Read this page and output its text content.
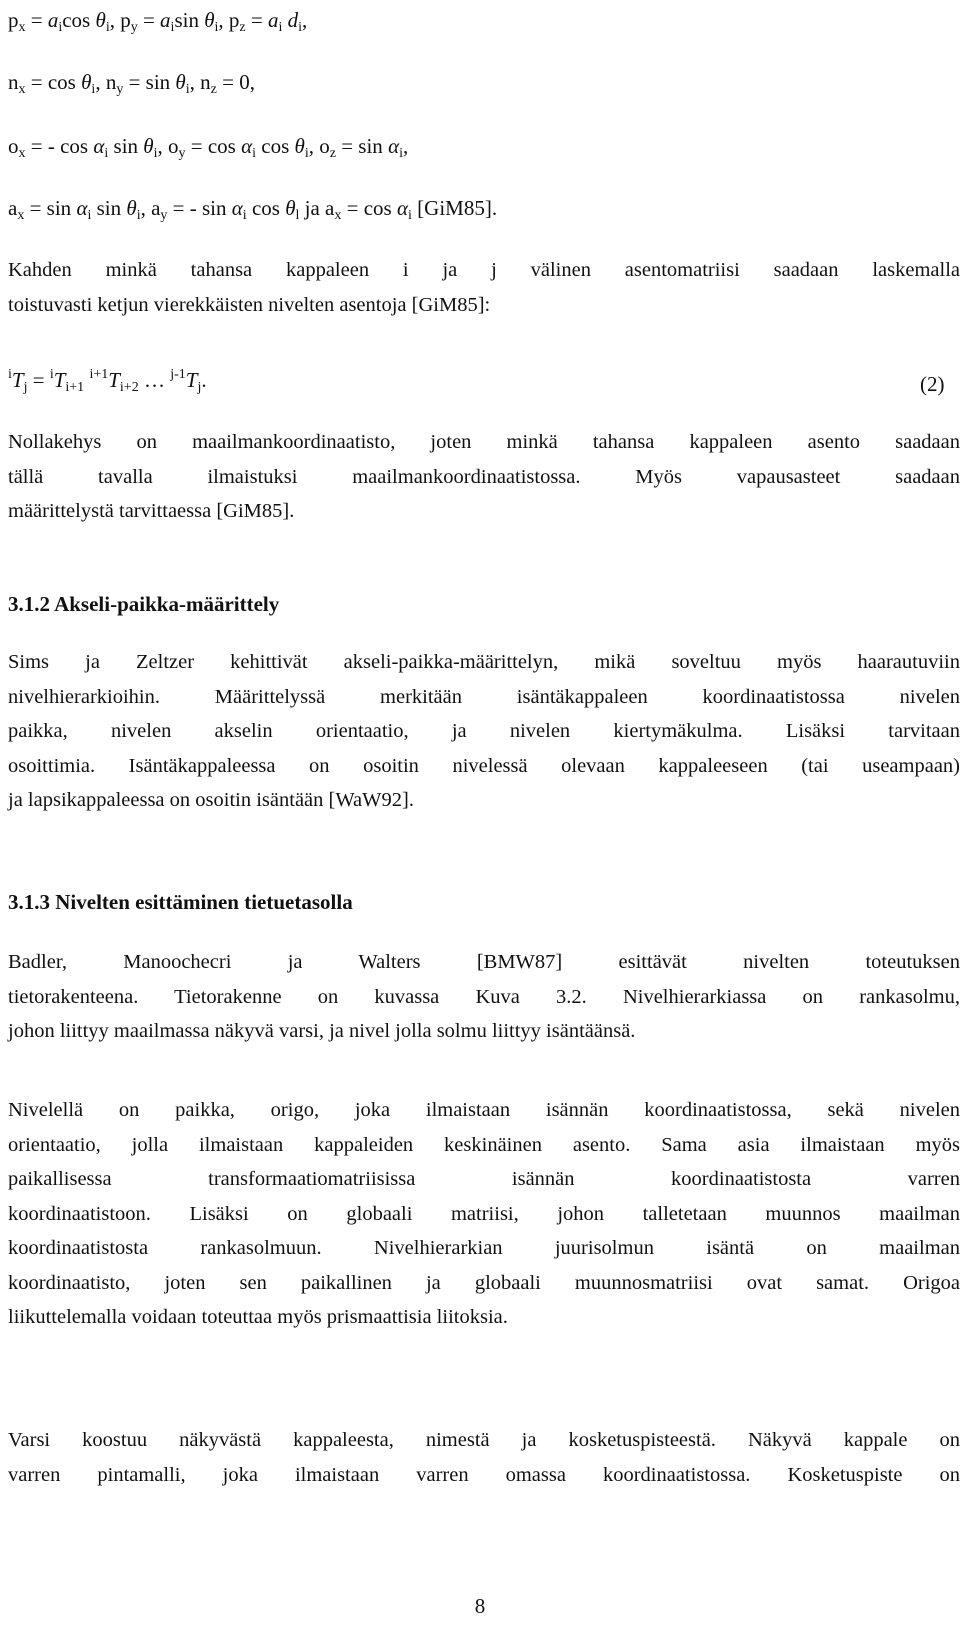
$p_x = a_i\cos$ $\theta_i$, $p_y = a_i\sin$ $\theta_i$, $p_z = a_i$ $d_i$,
$n_x = \cos \theta_i$, $n_y = \sin \theta_i$, $n_z = 0$,
$o_x$ = - $\cos \alpha_i$ $\sin \theta_i$, $o_y = \cos \alpha_i$ $\cos \theta_i$, $o_z = \sin \alpha_i$,
$a_x = \sin \alpha_i$ $\sin \theta_i$, $a_y$ = - $\sin \alpha_i$ $\cos \theta_l$ ja $a_x = \cos \alpha_i$ [GiM85].
Kahden minkä tahansa kappaleen i ja j välinen asentomatriisi saadaan laskemalla
toistuvasti ketjun vierekkäisten nivelten asentoja [GiM85]:
$^iT_j = ^iT_{i+1}$ $^{i+1}T_{i+2}$ … $^{j-1}T_j$.	(2)
Nollakehys on maailmankoordinaatisto, joten minkä tahansa kappaleen asento saadaan
tällä tavalla ilmaistuksi maailmankoordinaatistossa. Myös vapausasteet saadaan
määrittelystä tarvittaessa [GiM85].
3.1.2 Akseli-paikka-määrittely
Sims ja Zeltzer kehittivät akseli-paikka-määrittelyn, mikä soveltuu myös haarautuviin
nivelhierarkioihin. Määrittelyssä merkitään isäntäkappaleen koordinaatistossa nivelen
paikka, nivelen akselin orientaatio, ja nivelen kiertymäkulma. Lisäksi tarvitaan
osoittimia. Isäntäkappaleessa on osoitin nivelessä olevaan kappaleeseen (tai useampaan)
ja lapsikappaleessa on osoitin isäntään [WaW92].
3.1.3 Nivelten esittäminen tietuetasolla
Badler, Manoochecri ja Walters [BMW87] esittävät nivelten toteutuksen
tietorakenteena. Tietorakenne on kuvassa Kuva 3.2. Nivelhierarkiassa on rankasolmu,
johon liittyy maailmassa näkyvä varsi, ja nivel jolla solmu liittyy isäntäänsä.
Nivelellä on paikka, origo, joka ilmaistaan isännän koordinaatistossa, sekä nivelen
orientaatio, jolla ilmaistaan kappaleiden keskinäinen asento. Sama asia ilmaistaan myös
paikallisessa transformaatiomatriisissa isännän koordinaatistosta varren
koordinaatistoon. Lisäksi on globaali matriisi, johon talletetaan muunnos maailman
koordinaatistosta rankasolmuun. Nivelhierarkian juurisolmun isäntä on maailman
koordinaatisto, joten sen paikallinen ja globaali muunnosmatriisi ovat samat. Origoa
liikuttelemalla voidaan toteuttaa myös prismaattisia liitoksia.
Varsi koostuu näkyvästä kappaleesta, nimestä ja kosketuspisteestä. Näkyvä kappale on
varren pintamalli, joka ilmaistaan varren omassa koordinaatistossa. Kosketuspiste on
8
